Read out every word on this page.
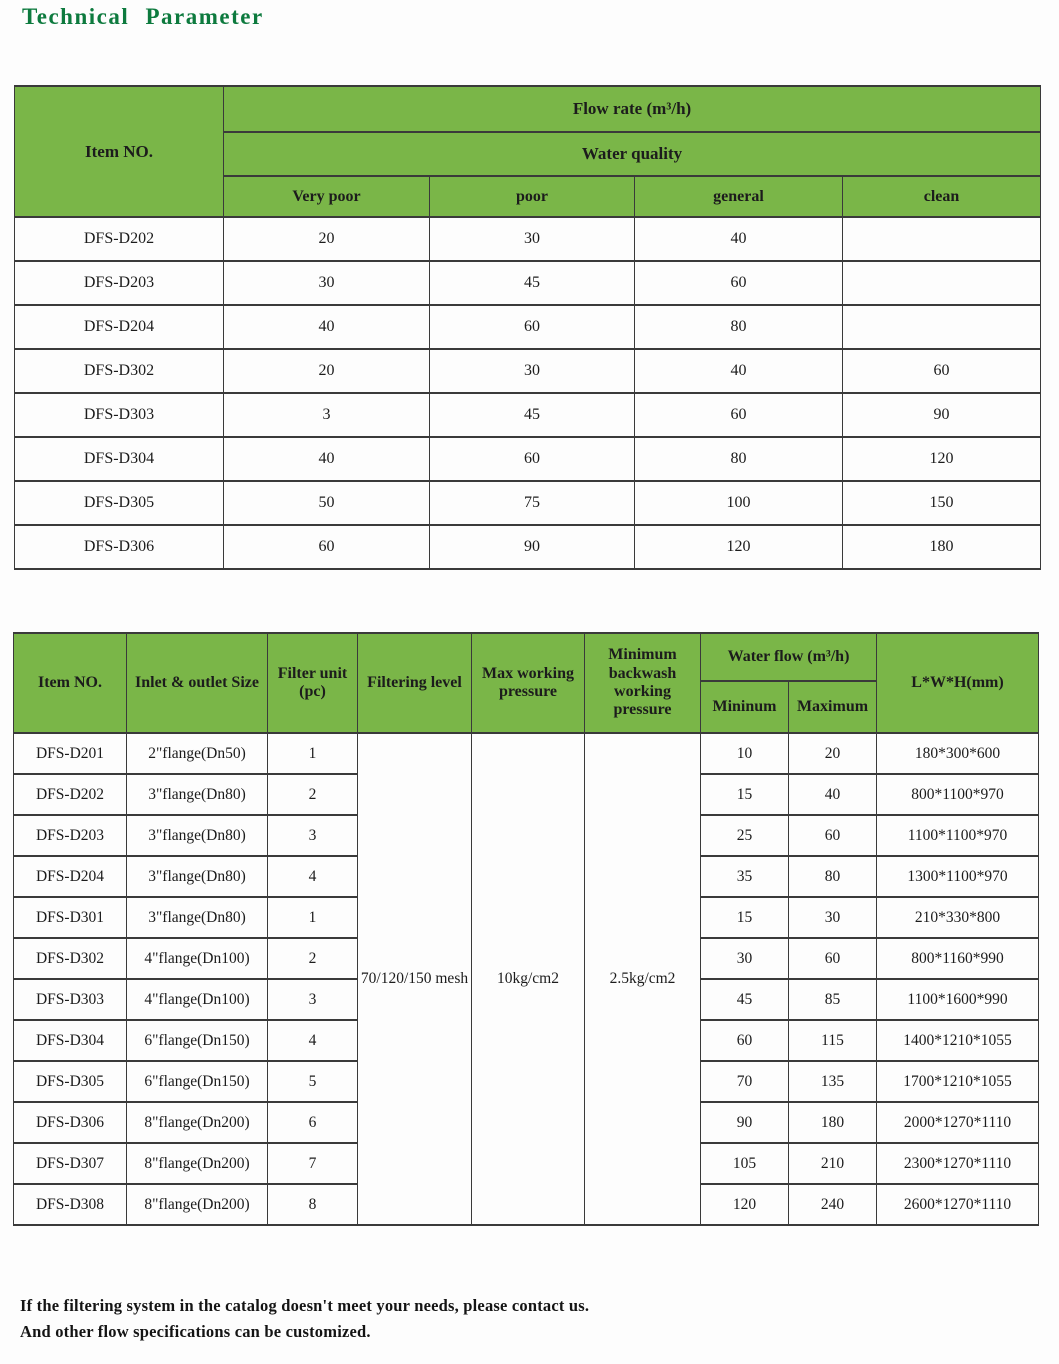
Technical Parameter
Item NO.	Flow rate (m³/h)			
	Water quality			
	Very poor	poor	general	clean
DFS-D202	20	30	40	
DFS-D203	30	45	60	
DFS-D204	40	60	80	
DFS-D302	20	30	40	60
DFS-D303	3	45	60	90
DFS-D304	40	60	80	120
DFS-D305	50	75	100	150
DFS-D306	60	90	120	180
Item NO.	Inlet & outlet Size	Filter unit (pc)	Filtering level	Max working pressure	Minimum backwash working pressure	Water flow (m³/h)		L*W*H(mm)
						Mininum	Maximum	
DFS-D201	2"flange(Dn50)	1	70/120/150 mesh	10kg/cm2	2.5kg/cm2	10	20	180*300*600
DFS-D202	3"flange(Dn80)	2				15	40	800*1100*970
DFS-D203	3"flange(Dn80)	3				25	60	1100*1100*970
DFS-D204	3"flange(Dn80)	4				35	80	1300*1100*970
DFS-D301	3"flange(Dn80)	1				15	30	210*330*800
DFS-D302	4"flange(Dn100)	2				30	60	800*1160*990
DFS-D303	4"flange(Dn100)	3				45	85	1100*1600*990
DFS-D304	6"flange(Dn150)	4				60	115	1400*1210*1055
DFS-D305	6"flange(Dn150)	5				70	135	1700*1210*1055
DFS-D306	8"flange(Dn200)	6				90	180	2000*1270*1110
DFS-D307	8"flange(Dn200)	7				105	210	2300*1270*1110
DFS-D308	8"flange(Dn200)	8				120	240	2600*1270*1110
If the filtering system in the catalog doesn't meet your needs, please contact us.
And other flow specifications can be customized.
